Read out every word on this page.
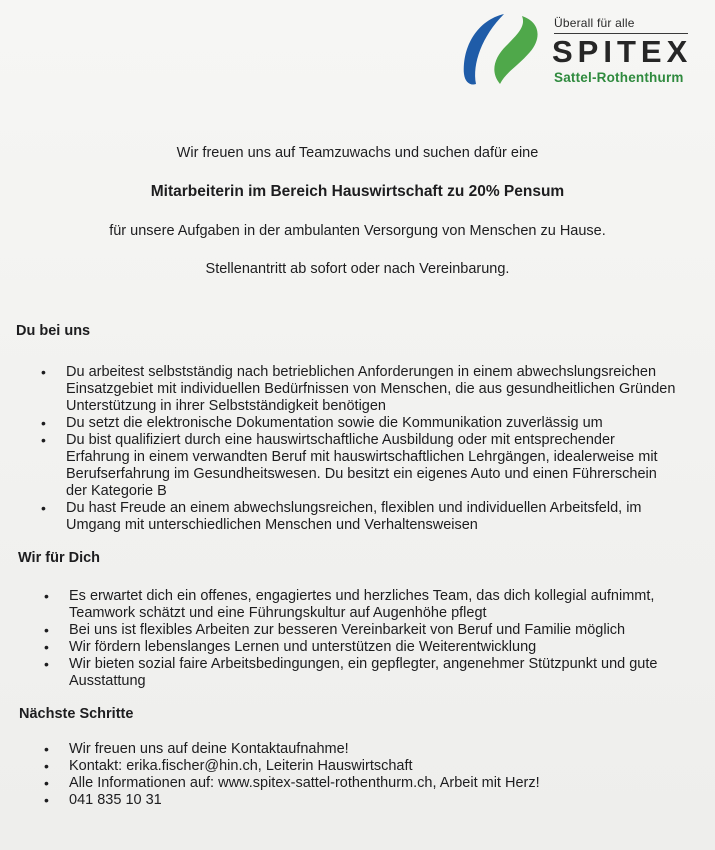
Überall für alle
SPITEX
Sattel-Rothenthurm
Wir freuen uns auf Teamzuwachs und suchen dafür eine
Mitarbeiterin im Bereich Hauswirtschaft zu 20% Pensum
für unsere Aufgaben in der ambulanten Versorgung von Menschen zu Hause.
Stellenantritt ab sofort oder nach Vereinbarung.
Du bei uns
• Du arbeitest selbstständig nach betrieblichen Anforderungen in einem abwechslungsreichen Einsatzgebiet mit individuellen Bedürfnissen von Menschen, die aus gesundheitlichen Gründen Unterstützung in ihrer Selbstständigkeit benötigen
• Du setzt die elektronische Dokumentation sowie die Kommunikation zuverlässig um
• Du bist qualifiziert durch eine hauswirtschaftliche Ausbildung oder mit entsprechender Erfahrung in einem verwandten Beruf mit hauswirtschaftlichen Lehrgängen, idealerweise mit Berufserfahrung im Gesundheitswesen. Du besitzt ein eigenes Auto und einen Führerschein der Kategorie B
• Du hast Freude an einem abwechslungsreichen, flexiblen und individuellen Arbeitsfeld, im Umgang mit unterschiedlichen Menschen und Verhaltensweisen
Wir für Dich
• Es erwartet dich ein offenes, engagiertes und herzliches Team, das dich kollegial aufnimmt, Teamwork schätzt und eine Führungskultur auf Augenhöhe pflegt
• Bei uns ist flexibles Arbeiten zur besseren Vereinbarkeit von Beruf und Familie möglich
• Wir fördern lebenslanges Lernen und unterstützen die Weiterentwicklung
• Wir bieten sozial faire Arbeitsbedingungen, ein gepflegter, angenehmer Stützpunkt und gute Ausstattung
Nächste Schritte
• Wir freuen uns auf deine Kontaktaufnahme!
• Kontakt: erika.fischer@hin.ch, Leiterin Hauswirtschaft
• Alle Informationen auf: www.spitex-sattel-rothenthurm.ch, Arbeit mit Herz!
• 041 835 10 31
